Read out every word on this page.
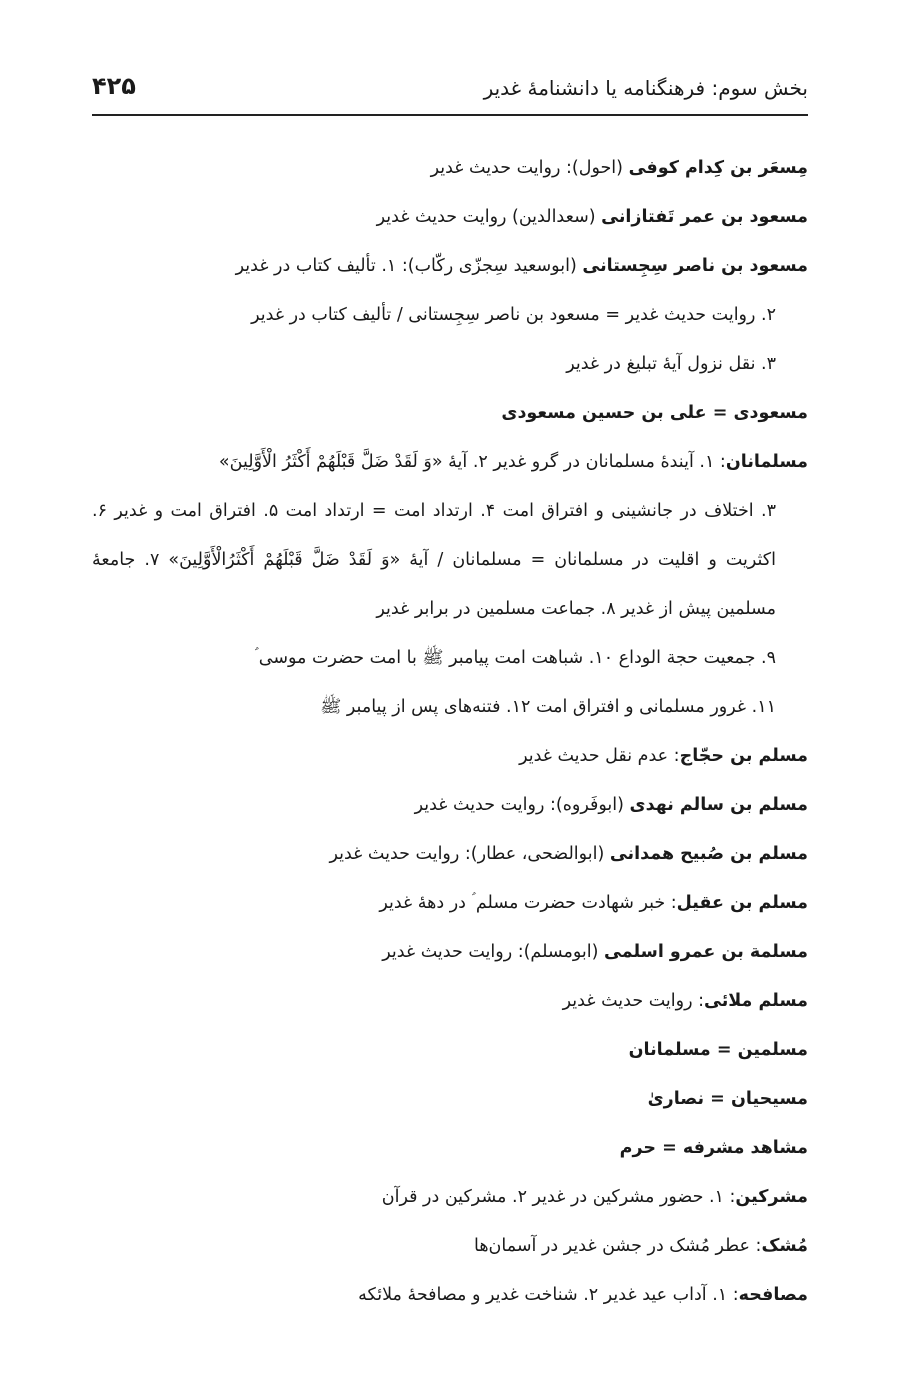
بخش سوم: فرهنگنامه یا دانشنامهٔ غدیر
۴۲۵
مِسعَر بن کِدام کوفی (احول): روایت حدیث غدیر
مسعود بن عمر تَفتازانی (سعدالدین) روایت حدیث غدیر
مسعود بن ناصر سِجِستانی (ابوسعید سِجزّی رکّاب): ۱. تألیف کتاب در غدیر
۲. روایت حدیث غدیر = مسعود بن ناصر سِجِستانی / تألیف کتاب در غدیر
۳. نقل نزول آیهٔ تبلیغ در غدیر
مسعودی = علی بن حسین مسعودی
مسلمانان: ۱. آیندهٔ مسلمانان در گرو غدیر ۲. آیهٔ «وَ لَقَدْ ضَلَّ قَبْلَهُمْ أَكْثَرُ الْأَوَّلِينَ»
۳. اختلاف در جانشینی و افتراق امت ۴. ارتداد امت = ارتداد امت ۵. افتراق امت و غدیر ۶. اکثریت و اقلیت در مسلمانان = مسلمانان / آیهٔ «وَ لَقَدْ ضَلَّ قَبْلَهُمْ أَكْثَرُالْأَوَّلِينَ» ۷. جامعهٔ مسلمین پیش از غدیر ۸. جماعت مسلمین در برابر غدیر
۹. جمعیت حجة الوداع ۱۰. شباهت امت پیامبر ﷺ با امت حضرت موسی ؑ
۱۱. غرور مسلمانی و افتراق امت ۱۲. فتنه‌های پس از پیامبر ﷺ
مسلم بن حجّاج: عدم نقل حدیث غدیر
مسلم بن سالم نهدی (ابوفَروه): روایت حدیث غدیر
مسلم بن صُبیح همدانی (ابوالضحی، عطار): روایت حدیث غدیر
مسلم بن عقیل: خبر شهادت حضرت مسلم ؑ در دههٔ غدیر
مسلمة بن عمرو اسلمی (ابومسلم): روایت حدیث غدیر
مسلم ملائی: روایت حدیث غدیر
مسلمین = مسلمانان
مسیحیان = نصاریٰ
مشاهد مشرفه = حرم
مشرکین: ۱. حضور مشرکین در غدیر ۲. مشرکین در قرآن
مُشک: عطر مُشک در جشن غدیر در آسمان‌ها
مصافحه: ۱. آداب عید غدیر ۲. شناخت غدیر و مصافحهٔ ملائکه
